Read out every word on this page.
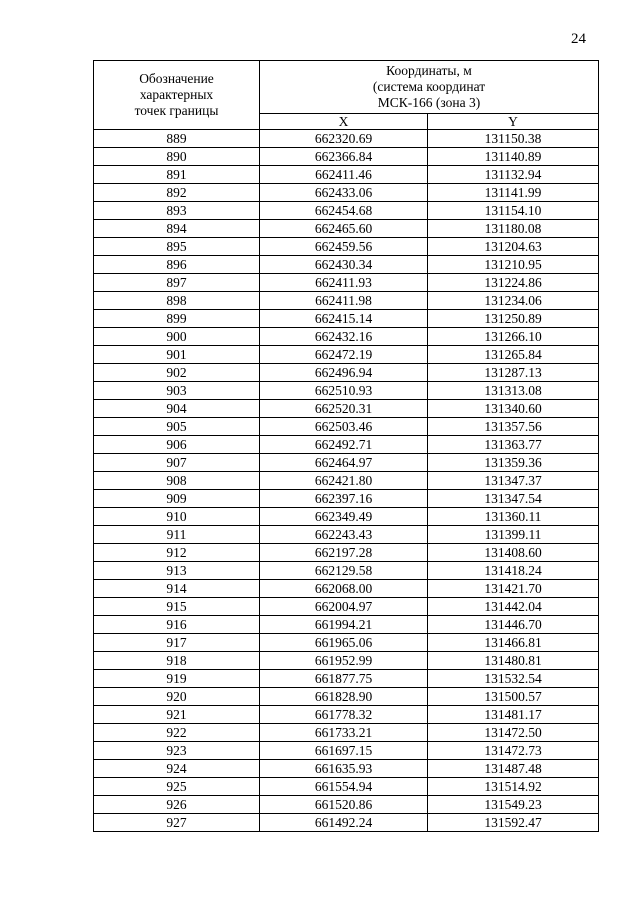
24
Обозначение
характерных
точек границы	Координаты, м
(система координат
МСК-166 (зона 3)	

	X	Y
889	662320.69	131150.38
890	662366.84	131140.89
891	662411.46	131132.94
892	662433.06	131141.99
893	662454.68	131154.10
894	662465.60	131180.08
895	662459.56	131204.63
896	662430.34	131210.95
897	662411.93	131224.86
898	662411.98	131234.06
899	662415.14	131250.89
900	662432.16	131266.10
901	662472.19	131265.84
902	662496.94	131287.13
903	662510.93	131313.08
904	662520.31	131340.60
905	662503.46	131357.56
906	662492.71	131363.77
907	662464.97	131359.36
908	662421.80	131347.37
909	662397.16	131347.54
910	662349.49	131360.11
911	662243.43	131399.11
912	662197.28	131408.60
913	662129.58	131418.24
914	662068.00	131421.70
915	662004.97	131442.04
916	661994.21	131446.70
917	661965.06	131466.81
918	661952.99	131480.81
919	661877.75	131532.54
920	661828.90	131500.57
921	661778.32	131481.17
922	661733.21	131472.50
923	661697.15	131472.73
924	661635.93	131487.48
925	661554.94	131514.92
926	661520.86	131549.23
927	661492.24	131592.47
